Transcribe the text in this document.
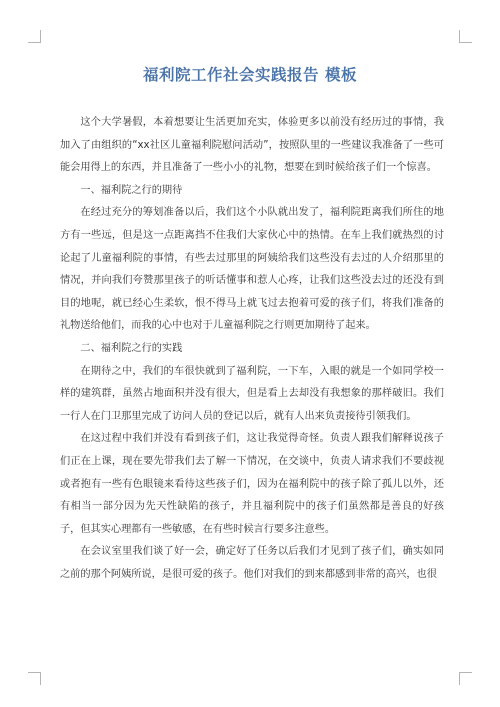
福利院工作社会实践报告 模板

这个大学暑假，本着想要让生活更加充实，体验更多以前没有经历过的事情，我加入了由组织的“xx社区儿童福利院慰问活动”，按照队里的一些建议我准备了一些可能会用得上的东西，并且准备了一些小小的礼物，想要在到时候给孩子们一个惊喜。

一、福利院之行的期待

在经过充分的筹划准备以后，我们这个小队就出发了，福利院距离我们所住的地方有一些远，但是这一点距离挡不住我们大家伙心中的热情。在车上我们就热烈的讨论起了儿童福利院的事情，有些去过那里的阿姨给我们这些没有去过的人介绍那里的情况，并向我们夸赞那里孩子的听话懂事和惹人心疼，让我们这些没去过的还没有到目的地呢，就已经心生柔软，恨不得马上就飞过去抱着可爱的孩子们，将我们准备的礼物送给他们，而我的心中也对于儿童福利院之行则更加期待了起来。

二、福利院之行的实践

在期待之中，我们的车很快就到了福利院，一下车，入眼的就是一个如同学校一样的建筑群，虽然占地面积并没有很大，但是看上去却没有我想象的那样破旧。我们一行人在门卫那里完成了访问人员的登记以后，就有人出来负责接待引领我们。

在这过程中我们并没有看到孩子们，这让我觉得奇怪。负责人跟我们解释说孩子们正在上课，现在要先带我们去了解一下情况，在交谈中，负责人请求我们不要歧视或者抱有一些有色眼镜来看待这些孩子们，因为在福利院中的孩子除了孤儿以外，还有相当一部分因为先天性缺陷的孩子，并且福利院中的孩子们虽然都是善良的好孩子，但其实心理都有一些敏感，在有些时候言行要多注意些。

在会议室里我们谈了好一会，确定好了任务以后我们才见到了孩子们，确实如同之前的那个阿姨所说，是很可爱的孩子。他们对我们的到来都感到非常的高兴，也很
